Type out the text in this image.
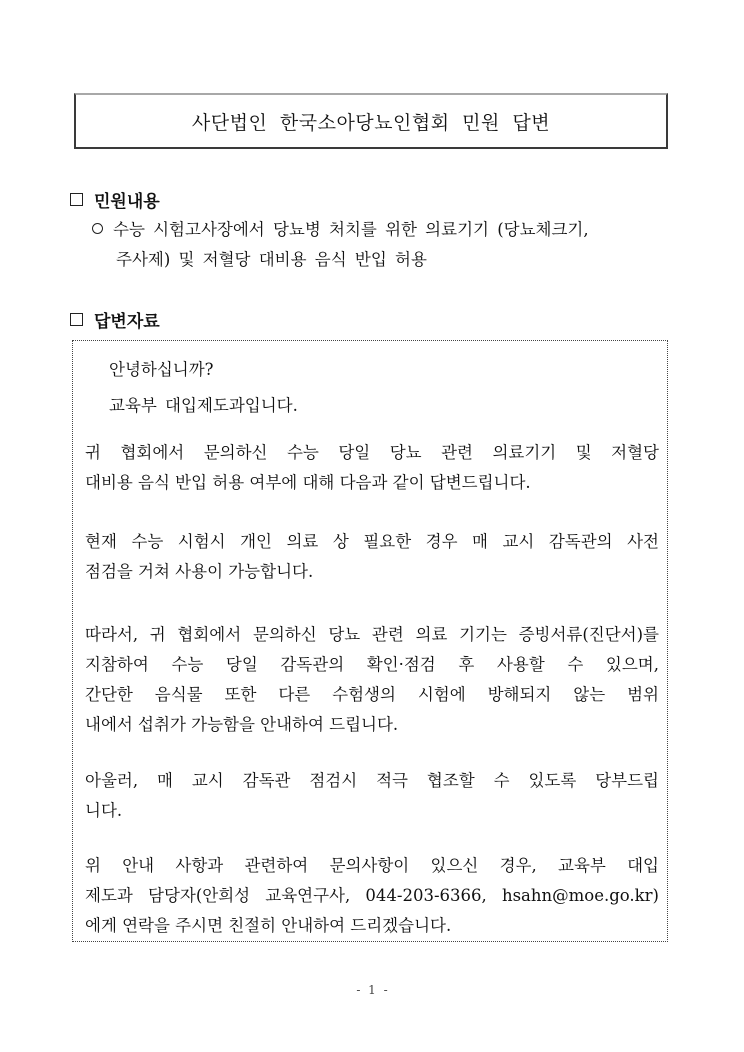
사단법인 한국소아당뇨인협회 민원 답변
민원내용
수능 시험고사장에서 당뇨병 처치를 위한 의료기기 (당뇨체크기,
주사제) 및 저혈당 대비용 음식 반입 허용
답변자료
안녕하십니까?
교육부 대입제도과입니다.
귀 협회에서 문의하신 수능 당일 당뇨 관련 의료기기 및 저혈당
대비용 음식 반입 허용 여부에 대해 다음과 같이 답변드립니다.
현재 수능 시험시 개인 의료 상 필요한 경우 매 교시 감독관의 사전
점검을 거쳐 사용이 가능합니다.
따라서, 귀 협회에서 문의하신 당뇨 관련 의료 기기는 증빙서류(진단서)를
지참하여 수능 당일 감독관의 확인·점검 후 사용할 수 있으며,
간단한 음식물 또한 다른 수험생의 시험에 방해되지 않는 범위
내에서 섭취가 가능함을 안내하여 드립니다.
아울러, 매 교시 감독관 점검시 적극 협조할 수 있도록 당부드립
니다.
위 안내 사항과 관련하여 문의사항이 있으신 경우, 교육부 대입
제도과 담당자(안희성 교육연구사, 044-203-6366, hsahn@moe.go.kr)
에게 연락을 주시면 친절히 안내하여 드리겠습니다.
- 1 -
